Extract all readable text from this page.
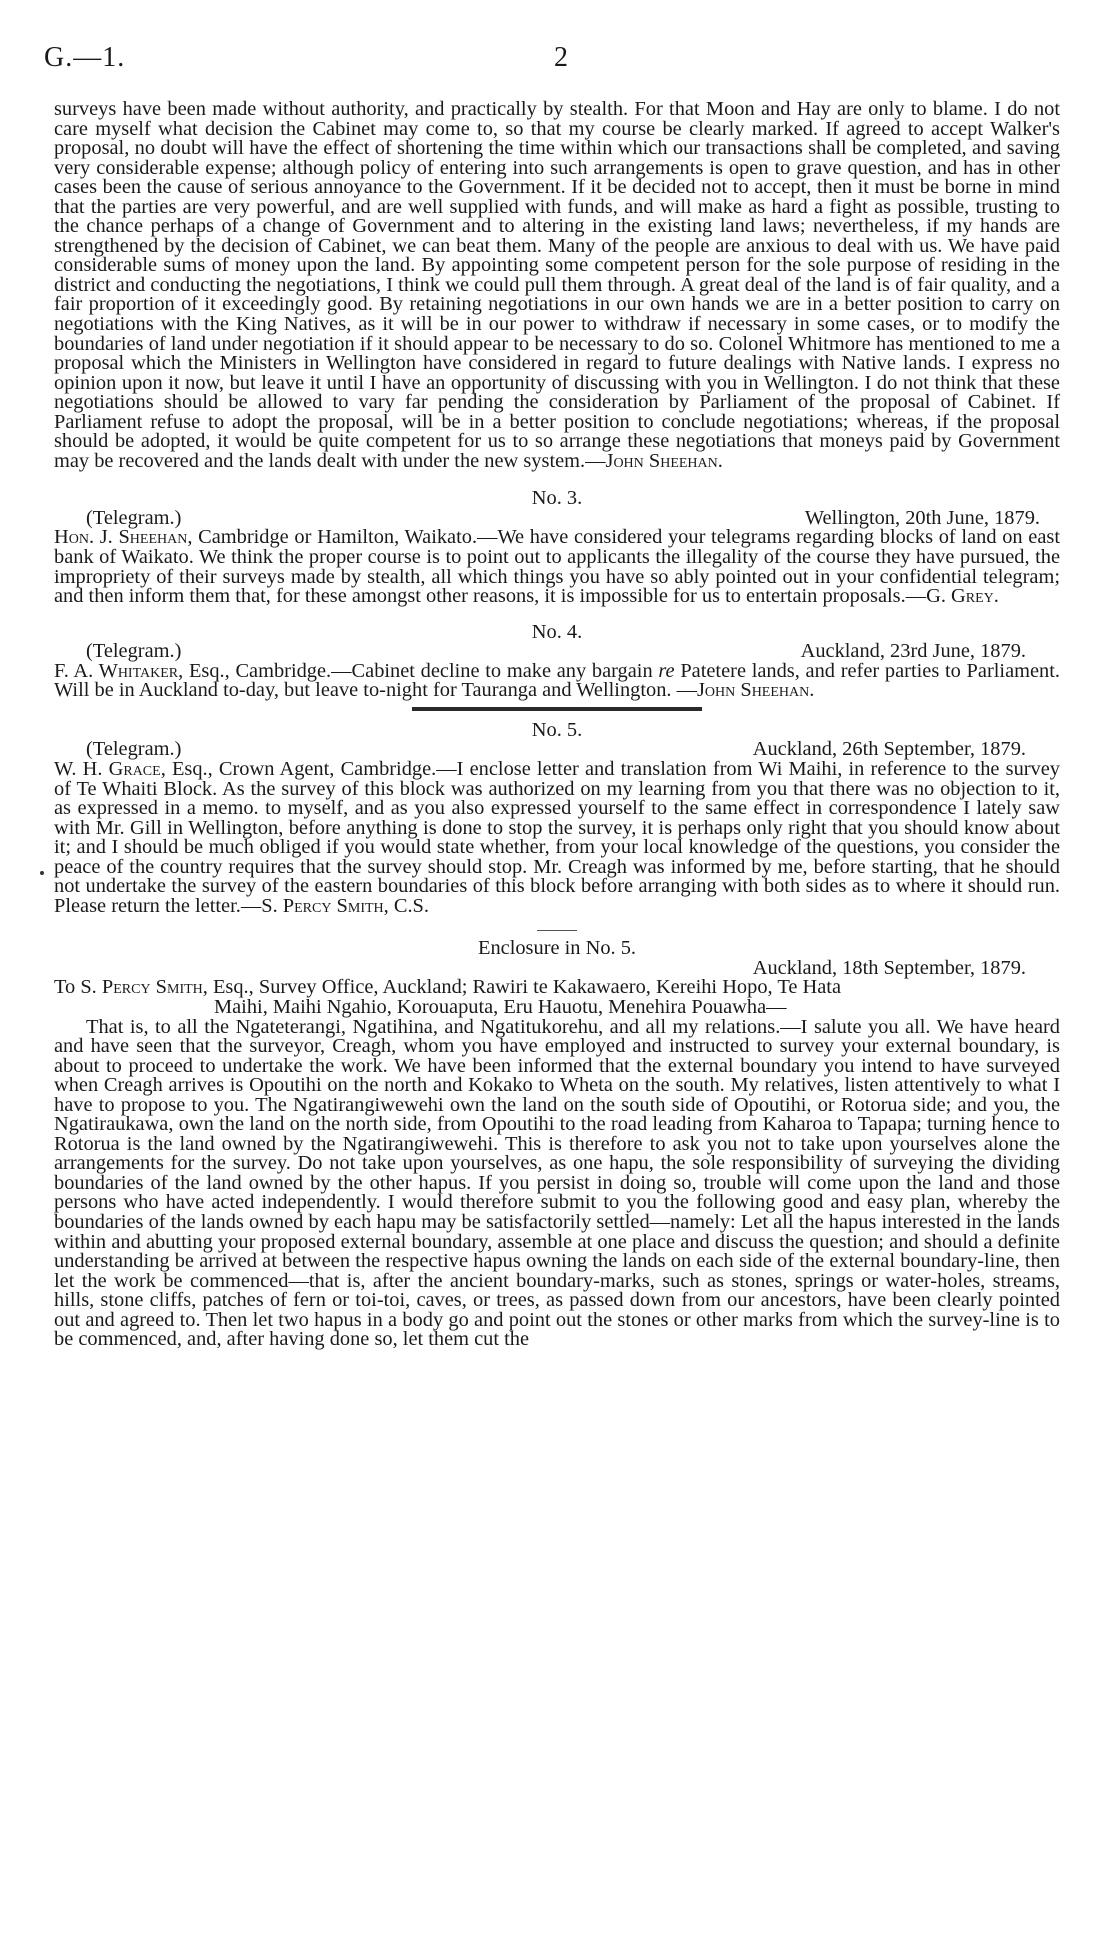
G.—1.	2

surveys have been made without authority, and practically by stealth. For that Moon and Hay are only to blame. I do not care myself what decision the Cabinet may come to, so that my course be clearly marked. If agreed to accept Walker's proposal, no doubt will have the effect of shortening the time within which our transactions shall be completed, and saving very considerable expense; although policy of entering into such arrangements is open to grave question, and has in other cases been the cause of serious annoyance to the Government. If it be decided not to accept, then it must be borne in mind that the parties are very powerful, and are well supplied with funds, and will make as hard a fight as possible, trusting to the chance perhaps of a change of Government and to altering in the existing land laws; nevertheless, if my hands are strengthened by the decision of Cabinet, we can beat them. Many of the people are anxious to deal with us. We have paid considerable sums of money upon the land. By appointing some competent person for the sole purpose of residing in the district and conducting the negotiations, I think we could pull them through. A great deal of the land is of fair quality, and a fair proportion of it exceedingly good. By retaining negotiations in our own hands we are in a better position to carry on negotiations with the King Natives, as it will be in our power to withdraw if necessary in some cases, or to modify the boundaries of land under negotiation if it should appear to be necessary to do so. Colonel Whitmore has mentioned to me a proposal which the Ministers in Wellington have considered in regard to future dealings with Native lands. I express no opinion upon it now, but leave it until I have an opportunity of discussing with you in Wellington. I do not think that these negotiations should be allowed to vary far pending the consideration by Parliament of the proposal of Cabinet. If Parliament refuse to adopt the proposal, will be in a better position to conclude negotiations; whereas, if the proposal should be adopted, it would be quite competent for us to so arrange these negotiations that moneys paid by Government may be recovered and the lands dealt with under the new system.—John Sheehan.

No. 3.
(Telegram.)	Wellington, 20th June, 1879.

Hon. J. Sheehan, Cambridge or Hamilton, Waikato.—We have considered your telegrams regarding blocks of land on east bank of Waikato. We think the proper course is to point out to applicants the illegality of the course they have pursued, the impropriety of their surveys made by stealth, all which things you have so ably pointed out in your confidential telegram; and then inform them that, for these amongst other reasons, it is impossible for us to entertain proposals.—G. Grey.

No. 4.
(Telegram.)	Auckland, 23rd June, 1879.

F. A. Whitaker, Esq., Cambridge.—Cabinet decline to make any bargain re Patetere lands, and refer parties to Parliament. Will be in Auckland to-day, but leave to-night for Tauranga and Wellington. —John Sheehan.

No. 5.
(Telegram.)	Auckland, 26th September, 1879.

W. H. Grace, Esq., Crown Agent, Cambridge.—I enclose letter and translation from Wi Maihi, in reference to the survey of Te Whaiti Block. As the survey of this block was authorized on my learning from you that there was no objection to it, as expressed in a memo. to myself, and as you also expressed yourself to the same effect in correspondence I lately saw with Mr. Gill in Wellington, before anything is done to stop the survey, it is perhaps only right that you should know about it; and I should be much obliged if you would state whether, from your local knowledge of the questions, you consider the peace of the country requires that the survey should stop. Mr. Creagh was informed by me, before starting, that he should not undertake the survey of the eastern boundaries of this block before arranging with both sides as to where it should run. Please return the letter.—S. Percy Smith, C.S.

Enclosure in No. 5.
Auckland, 18th September, 1879.

To S. Percy Smith, Esq., Survey Office, Auckland; Rawiri te Kakawaero, Kereihi Hopo, Te Hata

Maihi, Maihi Ngahio, Korouaputa, Eru Hauotu, Menehira Pouawha—

That is, to all the Ngateterangi, Ngatihina, and Ngatitukorehu, and all my relations.—I salute you all. We have heard and have seen that the surveyor, Creagh, whom you have employed and instructed to survey your external boundary, is about to proceed to undertake the work. We have been informed that the external boundary you intend to have surveyed when Creagh arrives is Opoutihi on the north and Kokako to Wheta on the south. My relatives, listen attentively to what I have to propose to you. The Ngatirangiwewehi own the land on the south side of Opoutihi, or Rotorua side; and you, the Ngatiraukawa, own the land on the north side, from Opoutihi to the road leading from Kaharoa to Tapapa; turning hence to Rotorua is the land owned by the Ngatirangiwewehi. This is therefore to ask you not to take upon yourselves alone the arrangements for the survey. Do not take upon yourselves, as one hapu, the sole responsibility of surveying the dividing boundaries of the land owned by the other hapus. If you persist in doing so, trouble will come upon the land and those persons who have acted independently. I would therefore submit to you the following good and easy plan, whereby the boundaries of the lands owned by each hapu may be satisfactorily settled—namely: Let all the hapus interested in the lands within and abutting your proposed external boundary, assemble at one place and discuss the question; and should a definite understanding be arrived at between the respective hapus owning the lands on each side of the external boundary-line, then let the work be commenced—that is, after the ancient boundary-marks, such as stones, springs or water-holes, streams, hills, stone cliffs, patches of fern or toi-toi, caves, or trees, as passed down from our ancestors, have been clearly pointed out and agreed to. Then let two hapus in a body go and point out the stones or other marks from which the survey-line is to be commenced, and, after having done so, let them cut the
